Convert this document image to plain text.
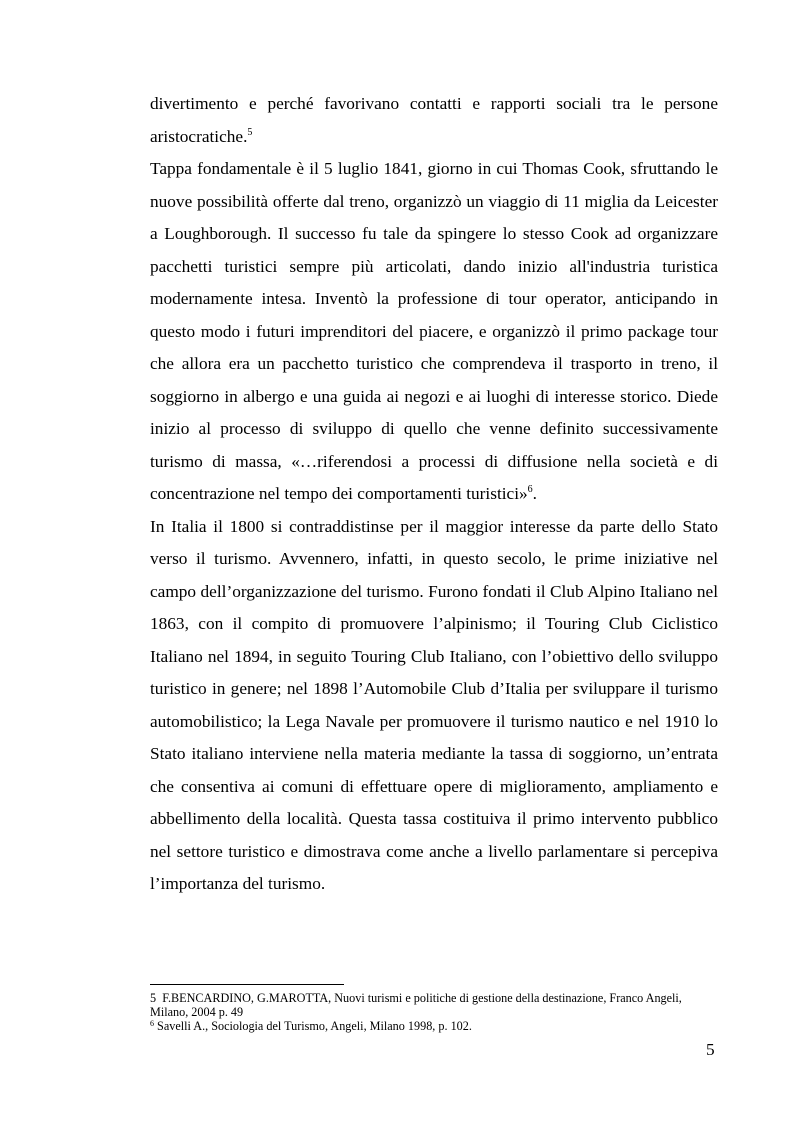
divertimento e perché favorivano contatti e rapporti sociali tra le persone aristocratiche.$^5$

Tappa fondamentale è il 5 luglio 1841, giorno in cui Thomas Cook, sfruttando le nuove possibilità offerte dal treno, organizzò un viaggio di 11 miglia da Leicester a Loughborough. Il successo fu tale da spingere lo stesso Cook ad organizzare pacchetti turistici sempre più articolati, dando inizio all'industria turistica modernamente intesa. Inventò la professione di tour operator, anticipando in questo modo i futuri imprenditori del piacere, e organizzò il primo package tour che allora era un pacchetto turistico che comprendeva il trasporto in treno, il soggiorno in albergo e una guida ai negozi e ai luoghi di interesse storico. Diede inizio al processo di sviluppo di quello che venne definito successivamente turismo di massa, «…riferendosi a processi di diffusione nella società e di concentrazione nel tempo dei comportamenti turistici»$^6$.

In Italia il 1800 si contraddistinse per il maggior interesse da parte dello Stato verso il turismo. Avvennero, infatti, in questo secolo, le prime iniziative nel campo dell’organizzazione del turismo. Furono fondati il Club Alpino Italiano nel 1863, con il compito di promuovere l’alpinismo; il Touring Club Ciclistico Italiano nel 1894, in seguito Touring Club Italiano, con l’obiettivo dello sviluppo turistico in genere; nel 1898 l’Automobile Club d’Italia per sviluppare il turismo automobilistico; la Lega Navale per promuovere il turismo nautico e nel 1910 lo Stato italiano interviene nella materia mediante la tassa di soggiorno, un’entrata che consentiva ai comuni di effettuare opere di miglioramento, ampliamento e abbellimento della località. Questa tassa costituiva il primo intervento pubblico nel settore turistico e dimostrava come anche a livello parlamentare si percepiva l’importanza del turismo.

5 F.BENCARDINO, G.MAROTTA, Nuovi turismi e politiche di gestione della destinazione, Franco Angeli, Milano, 2004 p. 49

$^6$ Savelli A., Sociologia del Turismo, Angeli, Milano 1998, p. 102.

5
